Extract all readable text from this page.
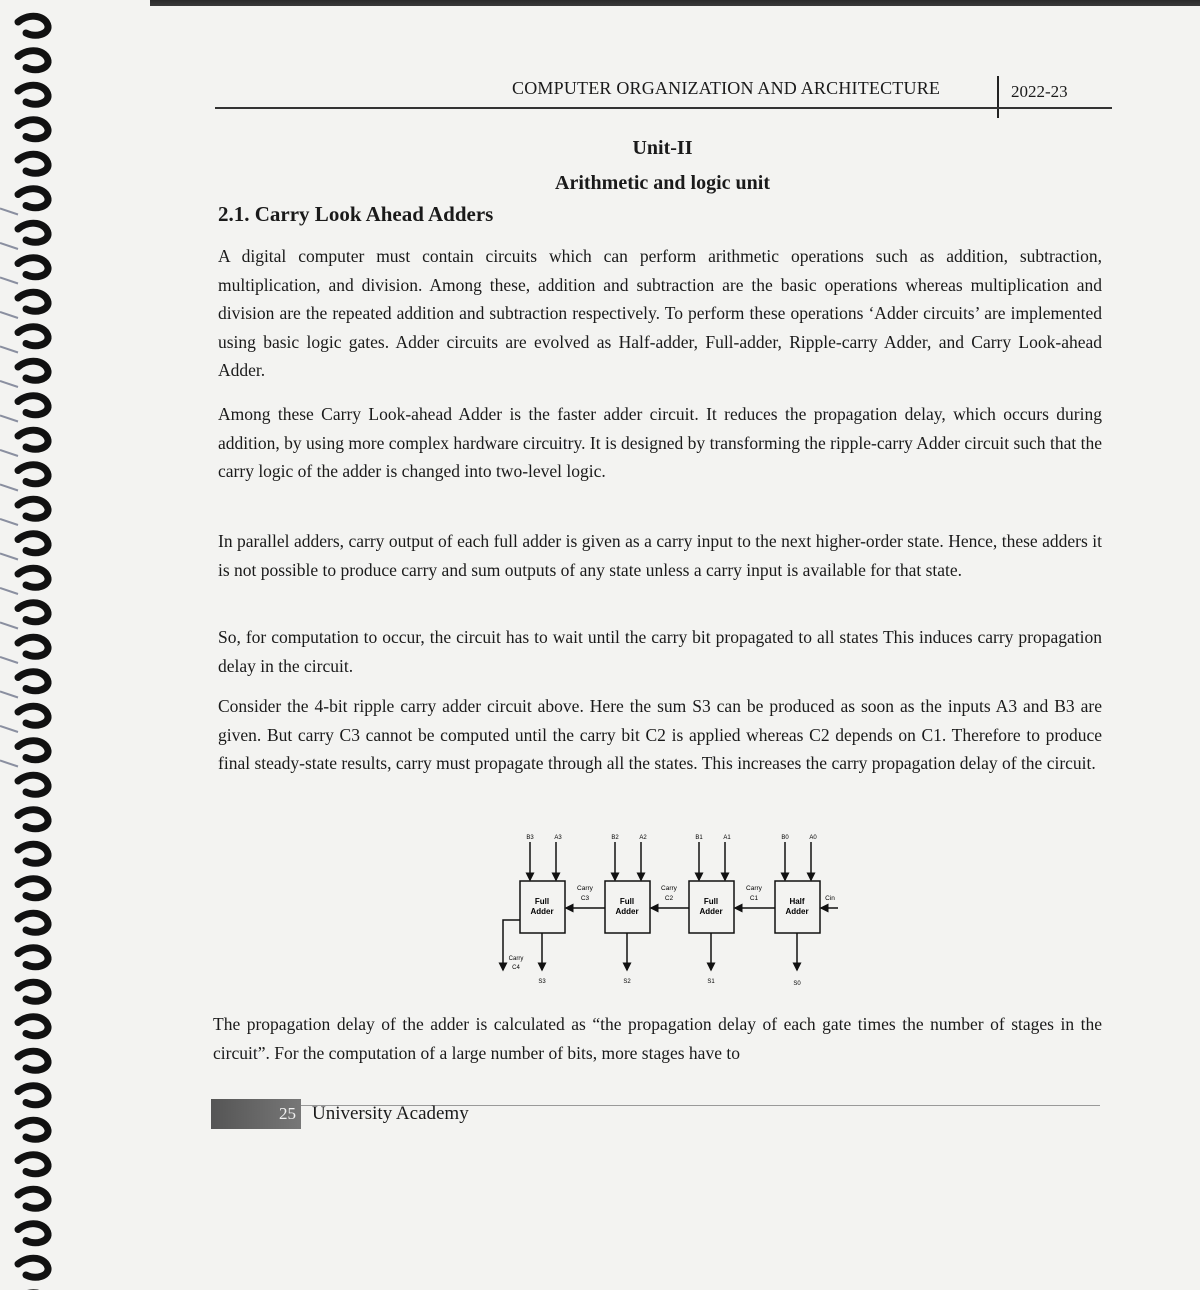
COMPUTER ORGANIZATION AND ARCHITECTURE	2022-23
Unit-II
Arithmetic and logic unit
2.1. Carry Look Ahead Adders

A digital computer must contain circuits which can perform arithmetic operations such as addition, subtraction, multiplication, and division. Among these, addition and subtraction are the basic operations whereas multiplication and division are the repeated addition and subtraction respectively. To perform these operations ‘Adder circuits’ are implemented using basic logic gates. Adder circuits are evolved as Half-adder, Full-adder, Ripple-carry Adder, and Carry Look-ahead Adder.

Among these Carry Look-ahead Adder is the faster adder circuit. It reduces the propagation delay, which occurs during addition, by using more complex hardware circuitry. It is designed by transforming the ripple-carry Adder circuit such that the carry logic of the adder is changed into two-level logic.

In parallel adders, carry output of each full adder is given as a carry input to the next higher-order state. Hence, these adders it is not possible to produce carry and sum outputs of any state unless a carry input is available for that state.

So, for computation to occur, the circuit has to wait until the carry bit propagated to all states This induces carry propagation delay in the circuit.

Consider the 4-bit ripple carry adder circuit above. Here the sum S3 can be produced as soon as the inputs A3 and B3 are given. But carry C3 cannot be computed until the carry bit C2 is applied whereas C2 depends on C1. Therefore to produce final steady-state results, carry must propagate through all the states. This increases the carry propagation delay of the circuit.

Full
Adder
B3	A3
S3
Full
Adder
B2	A2
S2
Full
Adder
B1	A1
S1
Half
Adder
B0	A0
S0
Carry
C3
Carry
C2
Carry
C1	Cin
Carry
C4

The propagation delay of the adder is calculated as “the propagation delay of each gate times the number of stages in the circuit”. For the computation of a large number of bits, more stages have to

25 University Academy
